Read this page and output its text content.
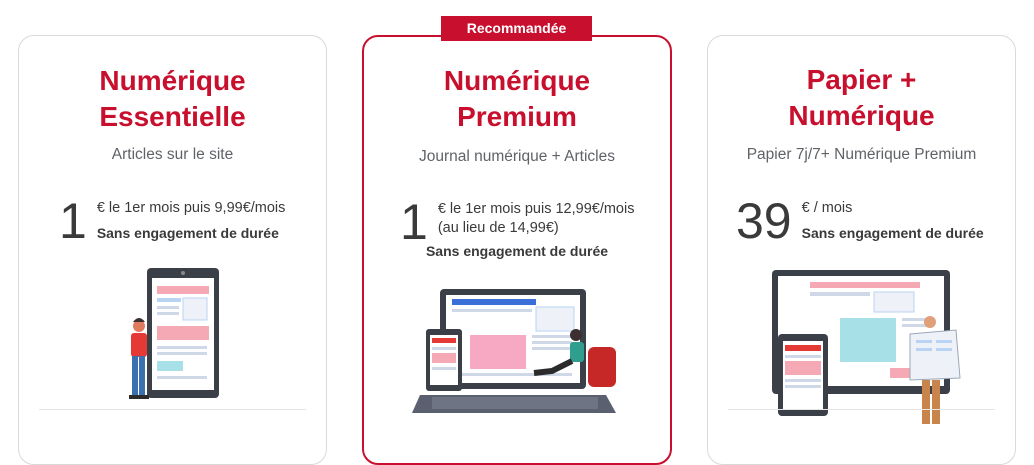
Numérique
Essentielle
Articles sur le site
1 € le 1er mois puis 9,99€/mois
Sans engagement de durée
Recommandée
Numérique
Premium
Journal numérique + Articles
1 € le 1er mois puis 12,99€/mois
(au lieu de 14,99€)
Sans engagement de durée
Papier +
Numérique
Papier 7j/7+ Numérique Premium
39 € / mois
Sans engagement de durée
